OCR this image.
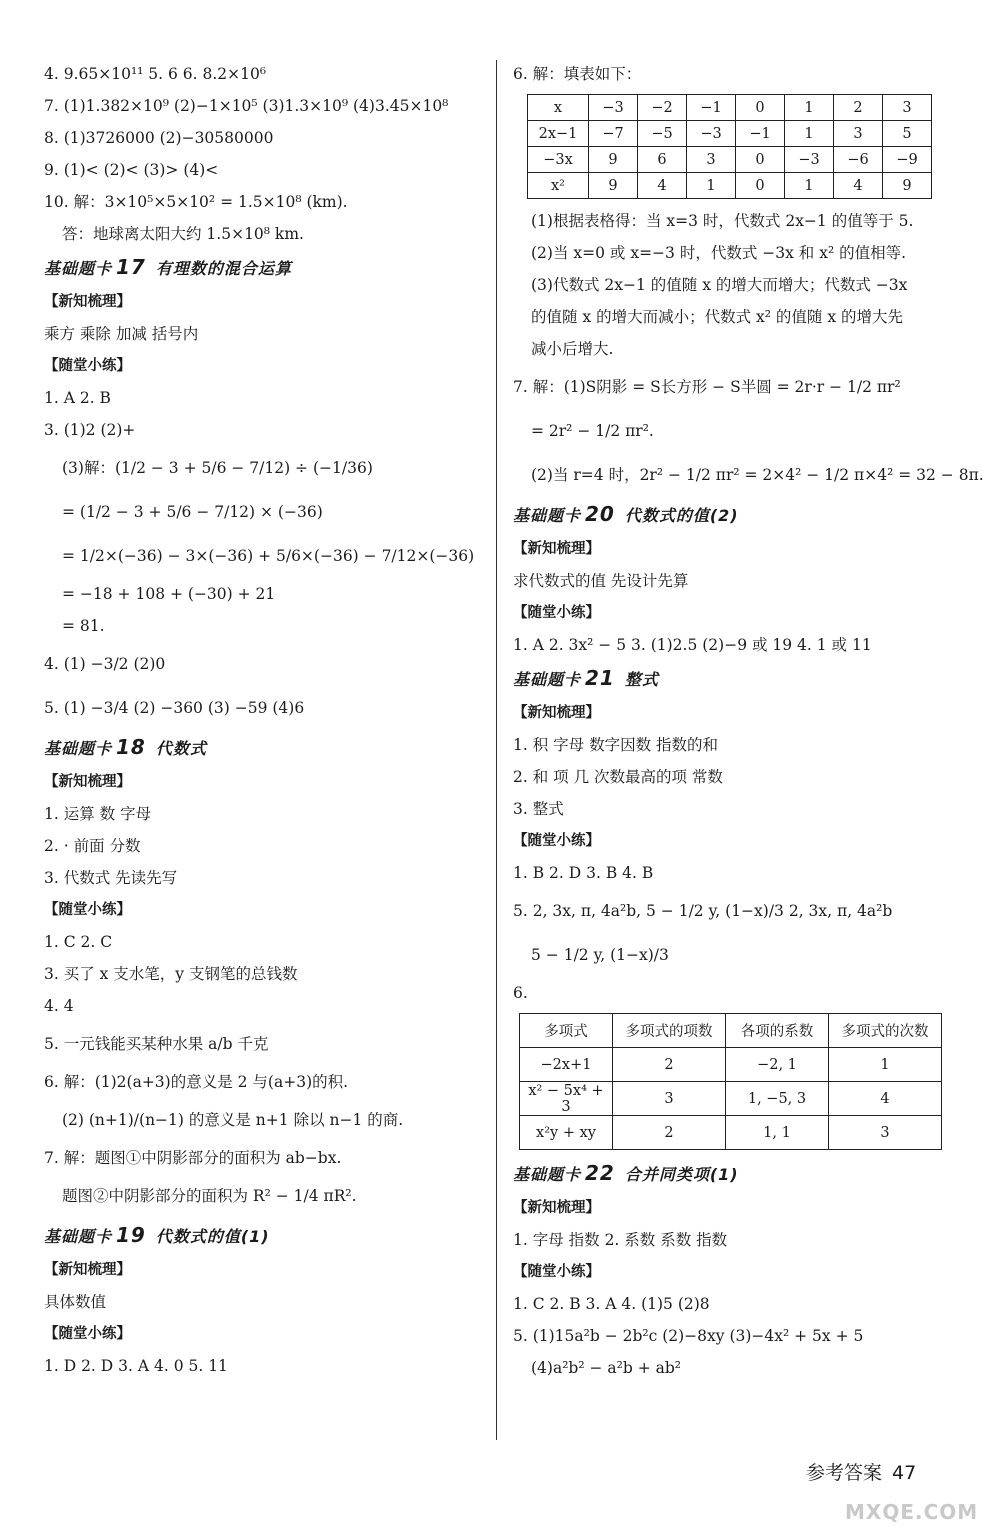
4. 9.65×10¹¹ 5. 6 6. 8.2×10⁶
7. (1)1.382×10⁹ (2)−1×10⁵ (3)1.3×10⁹ (4)3.45×10⁸
8. (1)3726000 (2)−30580000
9. (1)< (2)< (3)> (4)<
10. 解：3×10⁵×5×10² = 1.5×10⁸ (km).
答：地球离太阳大约 1.5×10⁸ km.
基础题卡 17 有理数的混合运算
【新知梳理】
乘方 乘除 加减 括号内
【随堂小练】
1. A 2. B
3. (1)2 (2)+
(3)解：(1/2 − 3 + 5/6 − 7/12) ÷ (−1/36)
= (1/2 − 3 + 5/6 − 7/12) × (−36)
= 1/2×(−36) − 3×(−36) + 5/6×(−36) − 7/12×(−36)
= −18 + 108 + (−30) + 21
= 81.
4. (1) −3/2 (2)0
5. (1) −3/4 (2) −360 (3) −59 (4)6
基础题卡 18 代数式
【新知梳理】
1. 运算 数 字母
2. · 前面 分数
3. 代数式 先读先写
【随堂小练】
1. C 2. C
3. 买了 x 支水笔，y 支钢笔的总钱数
4. 4
5. 一元钱能买某种水果 a/b 千克
6. 解：(1)2(a+3)的意义是 2 与(a+3)的积.
(2) (n+1)/(n−1) 的意义是 n+1 除以 n−1 的商.
7. 解：题图①中阴影部分的面积为 ab−bx.
题图②中阴影部分的面积为 R² − 1/4 πR².
基础题卡 19 代数式的值(1)
【新知梳理】
具体数值
【随堂小练】
1. D 2. D 3. A 4. 0 5. 11
6. 解：填表如下：
x	−3	−2	−1	0	1	2	3
2x−1	−7	−5	−3	−1	1	3	5
−3x	9	6	3	0	−3	−6	−9
x²	9	4	1	0	1	4	9
(1)根据表格得：当 x=3 时，代数式 2x−1 的值等于 5.
(2)当 x=0 或 x=−3 时，代数式 −3x 和 x² 的值相等.
(3)代数式 2x−1 的值随 x 的增大而增大；代数式 −3x
的值随 x 的增大而减小；代数式 x² 的值随 x 的增大先
减小后增大.
7. 解：(1)S阴影 = S长方形 − S半圆 = 2r·r − 1/2 πr²
= 2r² − 1/2 πr².
(2)当 r=4 时，2r² − 1/2 πr² = 2×4² − 1/2 π×4² = 32 − 8π.
基础题卡 20 代数式的值(2)
【新知梳理】
求代数式的值 先设计先算
【随堂小练】
1. A 2. 3x² − 5 3. (1)2.5 (2)−9 或 19 4. 1 或 11
基础题卡 21 整式
【新知梳理】
1. 积 字母 数字因数 指数的和
2. 和 项 几 次数最高的项 常数
3. 整式
【随堂小练】
1. B 2. D 3. B 4. B
5. 2, 3x, π, 4a²b, 5 − 1/2 y, (1−x)/3 2, 3x, π, 4a²b
5 − 1/2 y, (1−x)/3
6.
多项式	多项式的项数	各项的系数	多项式的次数
−2x+1	2	−2, 1	1
x² − 5x⁴ + 3	3	1, −5, 3	4
x²y + xy	2	1, 1	3
基础题卡 22 合并同类项(1)
【新知梳理】
1. 字母 指数 2. 系数 系数 指数
【随堂小练】
1. C 2. B 3. A 4. (1)5 (2)8
5. (1)15a²b − 2b²c (2)−8xy (3)−4x² + 5x + 5
(4)a²b² − a²b + ab²
参考答案 47
MXQE.COM
